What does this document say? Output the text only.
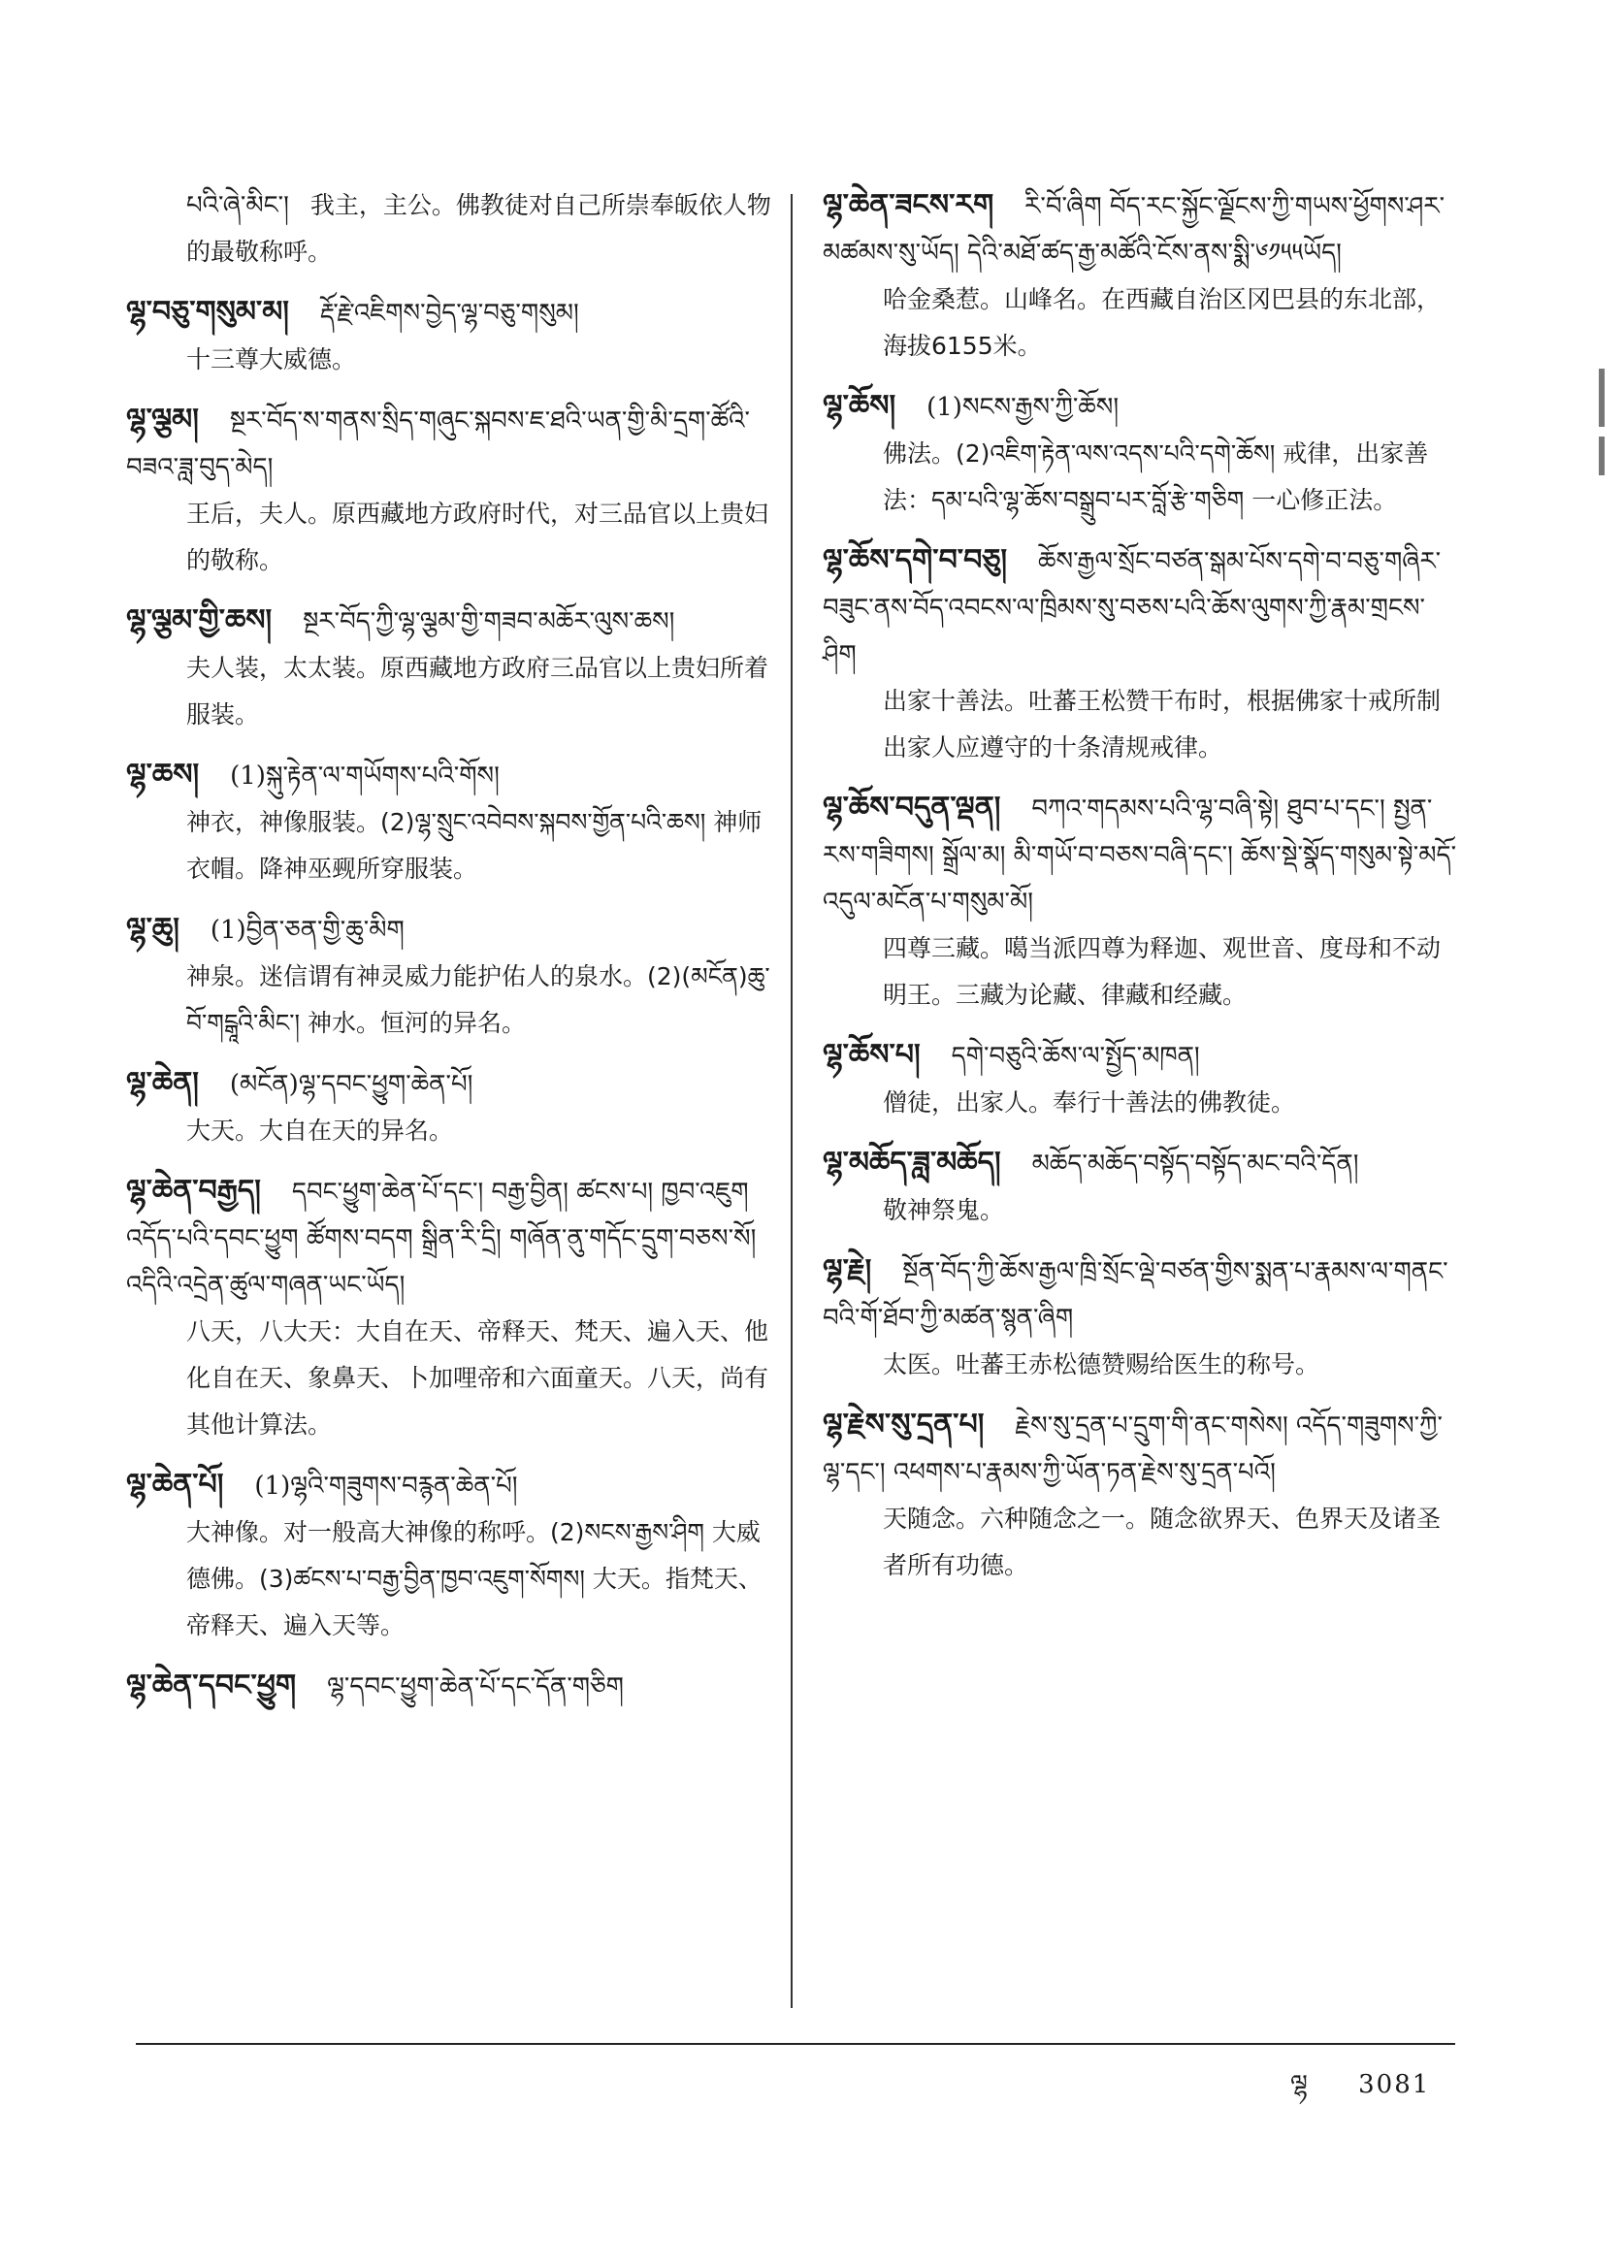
པའི་ཞེ་མིང་། 我主，主公。佛教徒对自己所崇奉皈依人物的最敬称呼。
ལྷ་བཅུ་གསུམ་མ། རྡོ་རྗེ་འཇིགས་བྱེད་ལྷ་བཅུ་གསུམ།
十三尊大威德。
ལྷ་ལྕམ། སྔར་བོད་ས་གནས་སྲིད་གཞུང་སྐབས་ཇ་ཐའི་ཡན་གྱི་མི་དྲག་ཚོའི་བཟའ་ཟླ་བུད་མེད།
王后，夫人。原西藏地方政府时代，对三品官以上贵妇的敬称。
ལྷ་ལྕམ་གྱི་ཆས། སྔར་བོད་ཀྱི་ལྷ་ལྕམ་གྱི་གཟབ་མཆོར་ལུས་ཆས།
夫人装，太太装。原西藏地方政府三品官以上贵妇所着服装。
ལྷ་ཆས། (1)སྐུ་རྟེན་ལ་གཡོགས་པའི་གོས།
神衣，神像服装。(2)ལྷ་སྲུང་འབེབས་སྐབས་གྱོན་པའི་ཆས། 神师衣帽。降神巫觋所穿服装。
ལྷ་ཆུ། (1)བྱིན་ཅན་གྱི་ཆུ་མིག
神泉。迷信谓有神灵威力能护佑人的泉水。(2)(མངོན)ཆུ་བོ་གངྒཱའི་མིང་། 神水。恒河的异名。
ལྷ་ཆེན། (མངོན)ལྷ་དབང་ཕྱུག་ཆེན་པོ།
大天。大自在天的异名。
ལྷ་ཆེན་བརྒྱད། དབང་ཕྱུག་ཆེན་པོ་དང་། བརྒྱ་བྱིན། ཚངས་པ། ཁྱབ་འཇུག འདོད་པའི་དབང་ཕྱུག ཚོགས་བདག སྒྲིན་རི་དྲི། གཞོན་ནུ་གདོང་དྲུག་བཅས་སོ། འདིའི་འདྲེན་ཚུལ་གཞན་ཡང་ཡོད།
八天，八大天：大自在天、帝释天、梵天、遍入天、他化自在天、象鼻天、卜加哩帝和六面童天。八天，尚有其他计算法。
ལྷ་ཆེན་པོ། (1)ལྷའི་གཟུགས་བརྙན་ཆེན་པོ།
大神像。对一般高大神像的称呼。(2)སངས་རྒྱས་ཤིག 大威德佛。(3)ཚངས་པ་བརྒྱ་བྱིན་ཁྱབ་འཇུག་སོགས། 大天。指梵天、帝释天、遍入天等。
ལྷ་ཆེན་དབང་ཕྱུག ལྷ་དབང་ཕྱུག་ཆེན་པོ་དང་དོན་གཅིག
ལྷ་ཆེན་ཟངས་རག རི་བོ་ཞིག བོད་རང་སྐྱོང་ལྗོངས་ཀྱི་གཡས་ཕྱོགས་ཤར་མཚམས་སུ་ཡོད། དེའི་མཐོ་ཚད་རྒྱ་མཚོའི་ངོས་ནས་སྨི་༦༡༥༥ཡོད།
哈金桑惹。山峰名。在西藏自治区冈巴县的东北部，海拔6155米。
ལྷ་ཆོས། (1)སངས་རྒྱས་ཀྱི་ཆོས།
佛法。(2)འཇིག་རྟེན་ལས་འདས་པའི་དགེ་ཆོས། 戒律，出家善法：དམ་པའི་ལྷ་ཆོས་བསྒྲུབ་པར་བློ་རྩེ་གཅིག 一心修正法。
ལྷ་ཆོས་དགེ་བ་བཅུ། ཆོས་རྒྱལ་སྲོང་བཙན་སྒམ་པོས་དགེ་བ་བཅུ་གཞིར་བཟུང་ནས་བོད་འབངས་ལ་ཁྲིམས་སུ་བཅས་པའི་ཆོས་ལུགས་ཀྱི་རྣམ་གྲངས་ཤིག
出家十善法。吐蕃王松赞干布时，根据佛家十戒所制出家人应遵守的十条清规戒律。
ལྷ་ཆོས་བདུན་ལྡན། བཀའ་གདམས་པའི་ལྷ་བཞི་སྟེ། ཐུབ་པ་དང་། སྤྱན་རས་གཟིགས། སྒྲོལ་མ། མི་གཡོ་བ་བཅས་བཞི་དང་། ཆོས་སྡེ་སྣོད་གསུམ་སྟེ་མདོ་འདུལ་མངོན་པ་གསུམ་མོ།
四尊三藏。噶当派四尊为释迦、观世音、度母和不动明王。三藏为论藏、律藏和经藏。
ལྷ་ཆོས་པ། དགེ་བཅུའི་ཆོས་ལ་སྤྱོད་མཁན།
僧徒，出家人。奉行十善法的佛教徒。
ལྷ་མཆོད་ཟླ་མཆོད། མཆོད་མཆོད་བསྟོད་བསྟོད་མང་བའི་དོན།
敬神祭鬼。
ལྷ་རྗེ། སྔོན་བོད་ཀྱི་ཆོས་རྒྱལ་ཁྲི་སྲོང་ལྡེ་བཙན་གྱིས་སྨན་པ་རྣམས་ལ་གནང་བའི་གོ་ཐོབ་ཀྱི་མཚན་སྙན་ཞིག
太医。吐蕃王赤松德赞赐给医生的称号。
ལྷ་རྗེས་སུ་དྲན་པ། རྗེས་སུ་དྲན་པ་དྲུག་གི་ནང་གསེས། འདོད་གཟུགས་ཀྱི་ལྷ་དང་། འཕགས་པ་རྣམས་ཀྱི་ཡོན་ཏན་རྗེས་སུ་དྲན་པའོ།
天随念。六种随念之一。随念欲界天、色界天及诸圣者所有功德。
ལྷ 3081
